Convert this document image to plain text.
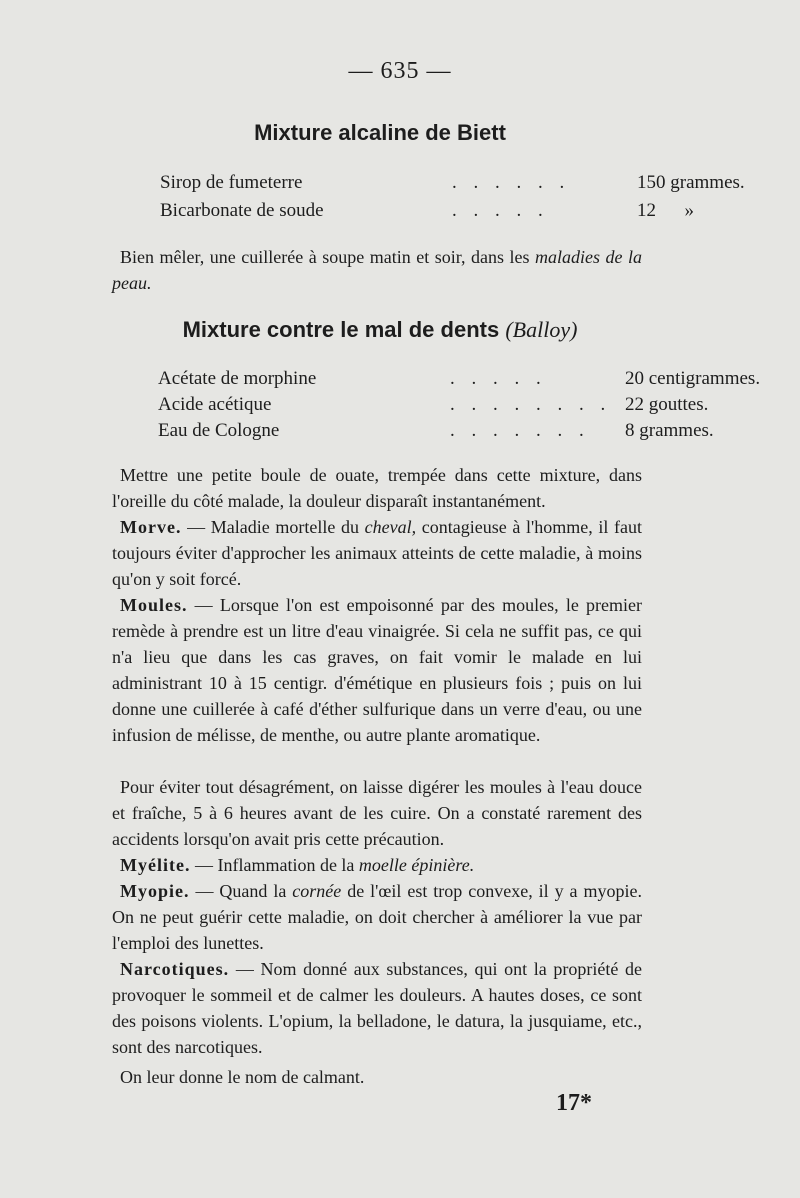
— 635 —
Mixture alcaline de Biett
Sirop de fumeterre	. . . . . .	150 grammes.
Bicarbonate de soude	. . . . .	12      »
Bien mêler, une cuillerée à soupe matin et soir, dans les maladies de la peau.
Mixture contre le mal de dents (Balloy)
Acétate de morphine	. . . . .	20 centigrammes.
Acide acétique	. . . . . . . . 22 gouttes.
Eau de Cologne	. . . . . . .	8 grammes.
Mettre une petite boule de ouate, trempée dans cette mixture, dans l'oreille du côté malade, la douleur disparaît instantanément.
Morve. — Maladie mortelle du cheval, contagieuse à l'homme, il faut toujours éviter d'approcher les animaux atteints de cette maladie, à moins qu'on y soit forcé.
Moules. — Lorsque l'on est empoisonné par des moules, le premier remède à prendre est un litre d'eau vinaigrée. Si cela ne suffit pas, ce qui n'a lieu que dans les cas graves, on fait vomir le malade en lui administrant 10 à 15 centigr. d'émétique en plusieurs fois ; puis on lui donne une cuillerée à café d'éther sulfurique dans un verre d'eau, ou une infusion de mélisse, de menthe, ou autre plante aromatique.
Pour éviter tout désagrément, on laisse digérer les moules à l'eau douce et fraîche, 5 à 6 heures avant de les cuire. On a constaté rarement des accidents lorsqu'on avait pris cette précaution.
Myélite. — Inflammation de la moelle épinière.
Myopie. — Quand la cornée de l'œil est trop convexe, il y a myopie. On ne peut guérir cette maladie, on doit chercher à améliorer la vue par l'emploi des lunettes.
Narcotiques. — Nom donné aux substances, qui ont la propriété de provoquer le sommeil et de calmer les douleurs. A hautes doses, ce sont des poisons violents. L'opium, la belladone, le datura, la jusquiame, etc., sont des narcotiques.
On leur donne le nom de calmant.
17*
